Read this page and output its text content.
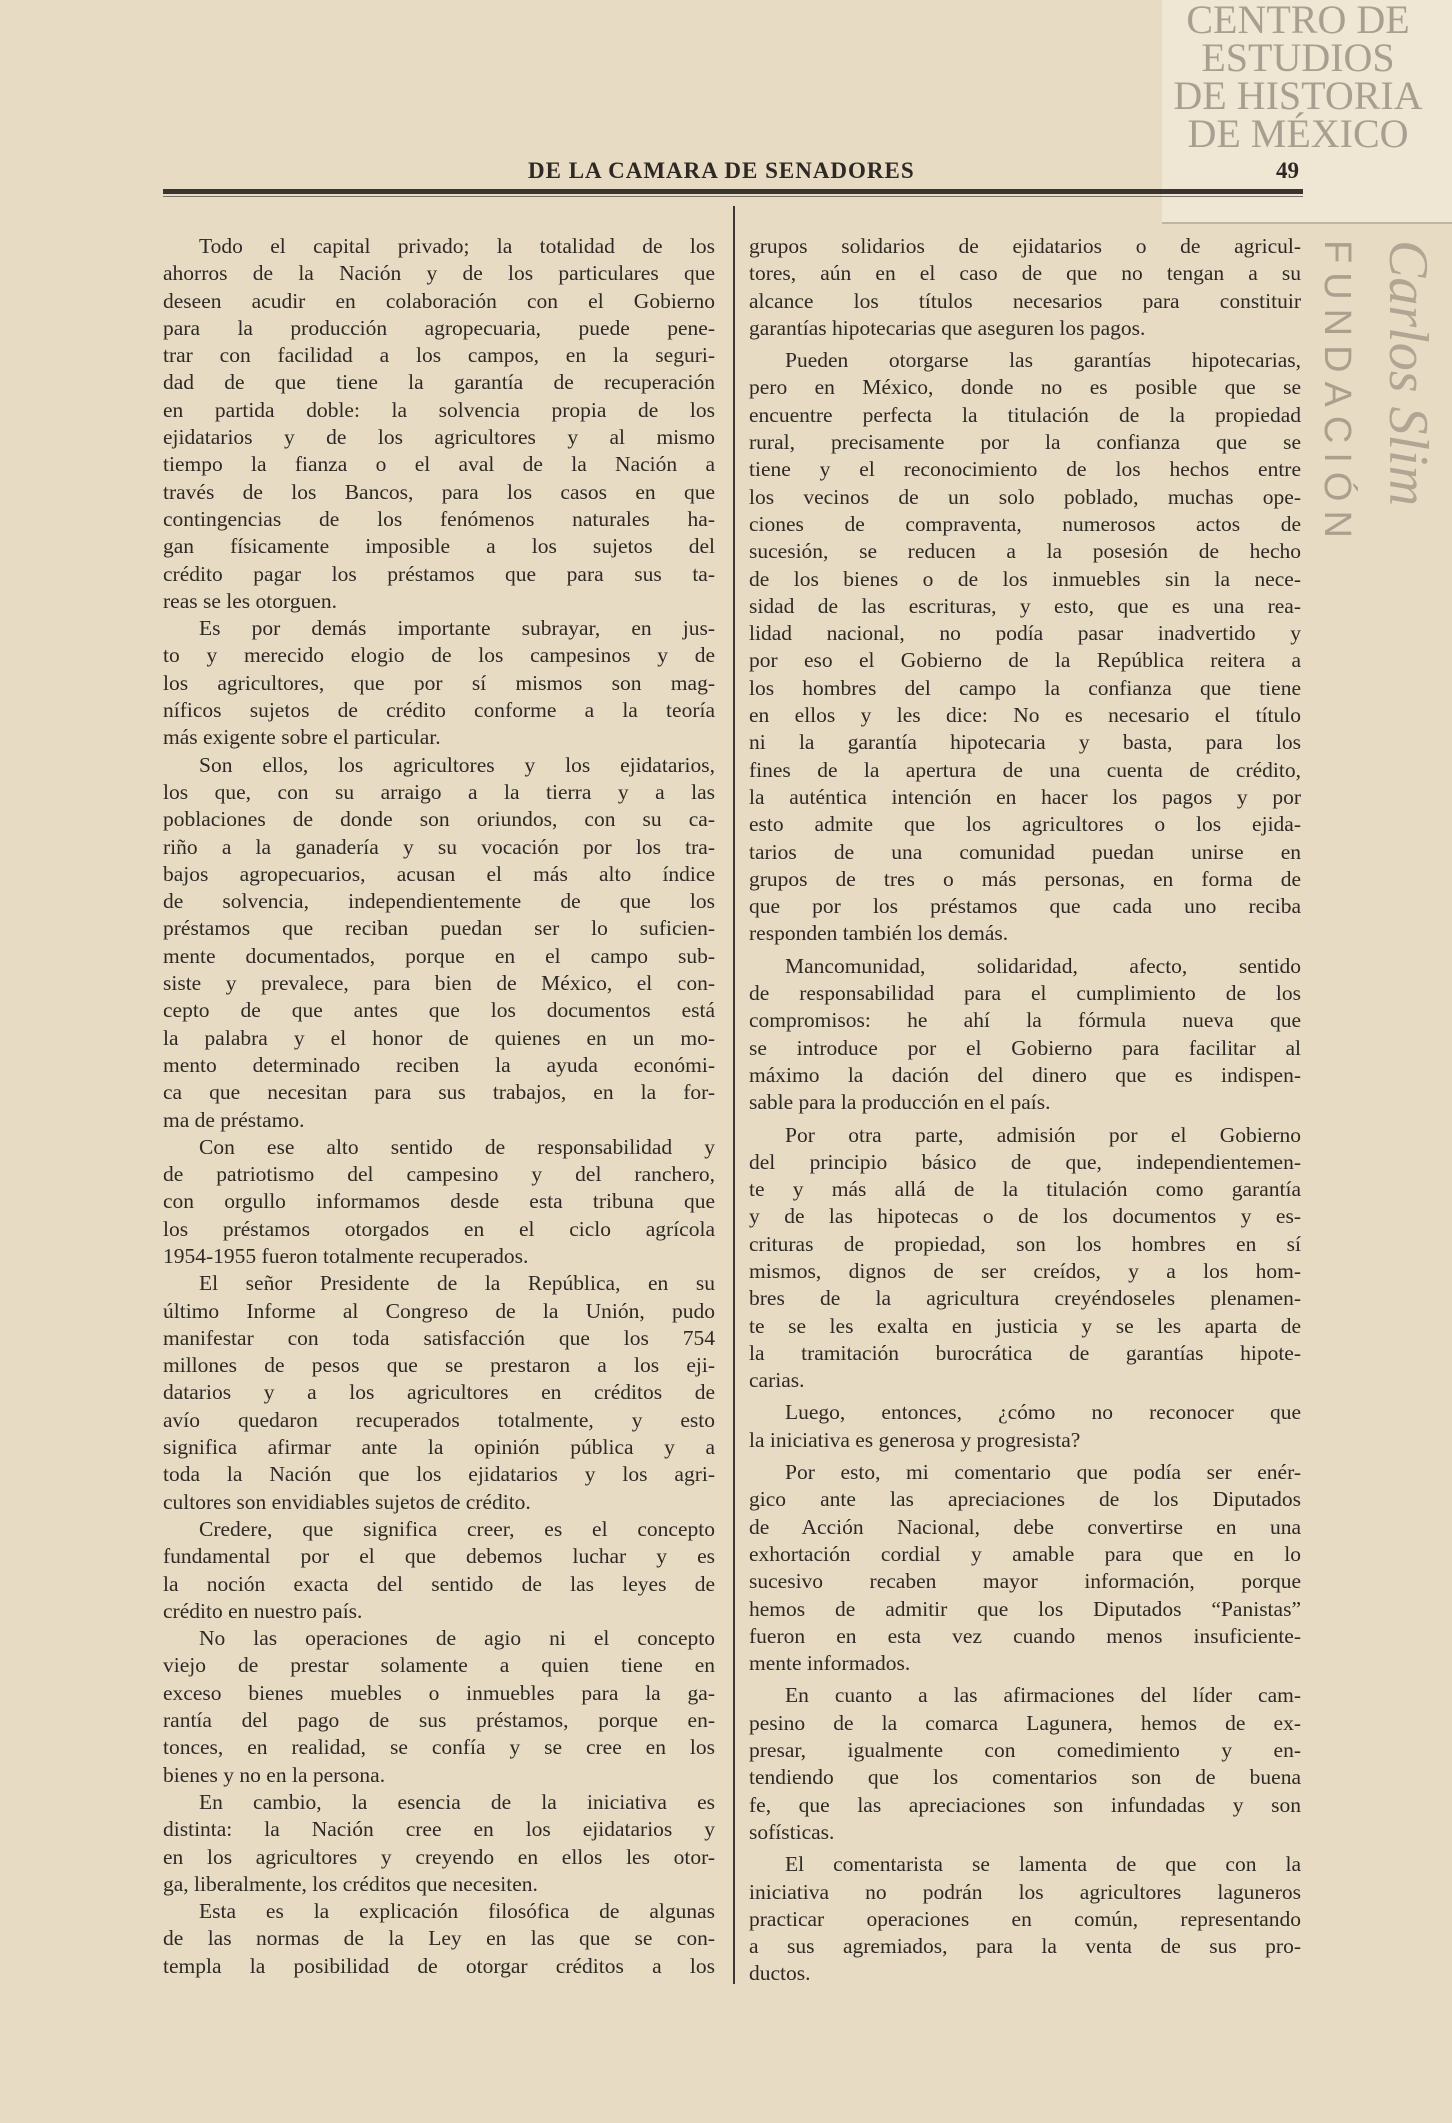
CENTRO DE
ESTUDIOS
DE HISTORIA
DE MÉXICO
DE LA CAMARA DE SENADORES	49
FUNDACIÓN Carlos Slim
Todo el capital privado; la totalidad de los
ahorros de la Nación y de los particulares que
deseen acudir en colaboración con el Gobierno
para la producción agropecuaria, puede pene-
trar con facilidad a los campos, en la seguri-
dad de que tiene la garantía de recuperación
en partida doble: la solvencia propia de los
ejidatarios y de los agricultores y al mismo
tiempo la fianza o el aval de la Nación a
través de los Bancos, para los casos en que
contingencias de los fenómenos naturales ha-
gan físicamente imposible a los sujetos del
crédito pagar los préstamos que para sus ta-
reas se les otorguen.
Es por demás importante subrayar, en jus-
to y merecido elogio de los campesinos y de
los agricultores, que por sí mismos son mag-
níficos sujetos de crédito conforme a la teoría
más exigente sobre el particular.
Son ellos, los agricultores y los ejidatarios,
los que, con su arraigo a la tierra y a las
poblaciones de donde son oriundos, con su ca-
riño a la ganadería y su vocación por los tra-
bajos agropecuarios, acusan el más alto índice
de solvencia, independientemente de que los
préstamos que reciban puedan ser lo suficien-
mente documentados, porque en el campo sub-
siste y prevalece, para bien de México, el con-
cepto de que antes que los documentos está
la palabra y el honor de quienes en un mo-
mento determinado reciben la ayuda económi-
ca que necesitan para sus trabajos, en la for-
ma de préstamo.
Con ese alto sentido de responsabilidad y
de patriotismo del campesino y del ranchero,
con orgullo informamos desde esta tribuna que
los préstamos otorgados en el ciclo agrícola
1954-1955 fueron totalmente recuperados.
El señor Presidente de la República, en su
último Informe al Congreso de la Unión, pudo
manifestar con toda satisfacción que los 754
millones de pesos que se prestaron a los eji-
datarios y a los agricultores en créditos de
avío quedaron recuperados totalmente, y esto
significa afirmar ante la opinión pública y a
toda la Nación que los ejidatarios y los agri-
cultores son envidiables sujetos de crédito.
Credere, que significa creer, es el concepto
fundamental por el que debemos luchar y es
la noción exacta del sentido de las leyes de
crédito en nuestro país.
No las operaciones de agio ni el concepto
viejo de prestar solamente a quien tiene en
exceso bienes muebles o inmuebles para la ga-
rantía del pago de sus préstamos, porque en-
tonces, en realidad, se confía y se cree en los
bienes y no en la persona.
En cambio, la esencia de la iniciativa es
distinta: la Nación cree en los ejidatarios y
en los agricultores y creyendo en ellos les otor-
ga, liberalmente, los créditos que necesiten.
Esta es la explicación filosófica de algunas
de las normas de la Ley en las que se con-
templa la posibilidad de otorgar créditos a los
grupos solidarios de ejidatarios o de agricul-
tores, aún en el caso de que no tengan a su
alcance los títulos necesarios para constituir
garantías hipotecarias que aseguren los pagos.
Pueden otorgarse las garantías hipotecarias,
pero en México, donde no es posible que se
encuentre perfecta la titulación de la propiedad
rural, precisamente por la confianza que se
tiene y el reconocimiento de los hechos entre
los vecinos de un solo poblado, muchas ope-
ciones de compraventa, numerosos actos de
sucesión, se reducen a la posesión de hecho
de los bienes o de los inmuebles sin la nece-
sidad de las escrituras, y esto, que es una rea-
lidad nacional, no podía pasar inadvertido y
por eso el Gobierno de la República reitera a
los hombres del campo la confianza que tiene
en ellos y les dice: No es necesario el título
ni la garantía hipotecaria y basta, para los
fines de la apertura de una cuenta de crédito,
la auténtica intención en hacer los pagos y por
esto admite que los agricultores o los ejida-
tarios de una comunidad puedan unirse en
grupos de tres o más personas, en forma de
que por los préstamos que cada uno reciba
responden también los demás.
Mancomunidad, solidaridad, afecto, sentido
de responsabilidad para el cumplimiento de los
compromisos: he ahí la fórmula nueva que
se introduce por el Gobierno para facilitar al
máximo la dación del dinero que es indispen-
sable para la producción en el país.
Por otra parte, admisión por el Gobierno
del principio básico de que, independientemen-
te y más allá de la titulación como garantía
y de las hipotecas o de los documentos y es-
crituras de propiedad, son los hombres en sí
mismos, dignos de ser creídos, y a los hom-
bres de la agricultura creyéndoseles plenamen-
te se les exalta en justicia y se les aparta de
la tramitación burocrática de garantías hipote-
carias.
Luego, entonces, ¿cómo no reconocer que
la iniciativa es generosa y progresista?
Por esto, mi comentario que podía ser enér-
gico ante las apreciaciones de los Diputados
de Acción Nacional, debe convertirse en una
exhortación cordial y amable para que en lo
sucesivo recaben mayor información, porque
hemos de admitir que los Diputados “Panistas”
fueron en esta vez cuando menos insuficiente-
mente informados.
En cuanto a las afirmaciones del líder cam-
pesino de la comarca Lagunera, hemos de ex-
presar, igualmente con comedimiento y en-
tendiendo que los comentarios son de buena
fe, que las apreciaciones son infundadas y son
sofísticas.
El comentarista se lamenta de que con la
iniciativa no podrán los agricultores laguneros
practicar operaciones en común, representando
a sus agremiados, para la venta de sus pro-
ductos.
